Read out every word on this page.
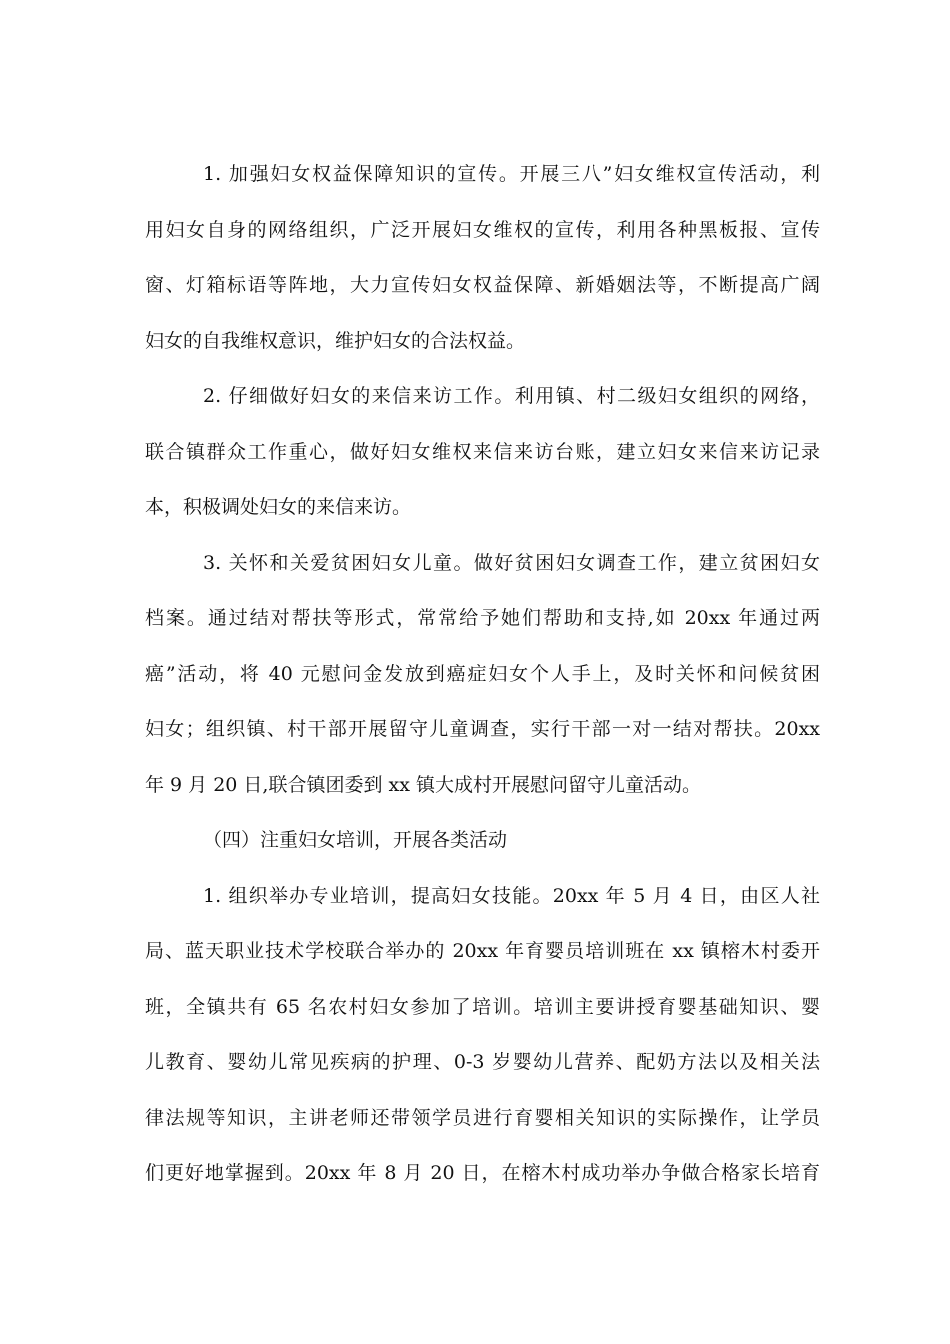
1. 加强妇女权益保障知识的宣传。开展三八”妇女维权宣传活动，利
用妇女自身的网络组织，广泛开展妇女维权的宣传，利用各种黑板报、宣传
窗、灯箱标语等阵地，大力宣传妇女权益保障、新婚姻法等，不断提高广阔
妇女的自我维权意识，维护妇女的合法权益。
2. 仔细做好妇女的来信来访工作。利用镇、村二级妇女组织的网络，
联合镇群众工作重心，做好妇女维权来信来访台账，建立妇女来信来访记录
本，积极调处妇女的来信来访。
3. 关怀和关爱贫困妇女儿童。做好贫困妇女调查工作，建立贫困妇女
档案。通过结对帮扶等形式，常常给予她们帮助和支持,如 20xx 年通过两
癌”活动，将 40 元慰问金发放到癌症妇女个人手上，及时关怀和问候贫困
妇女；组织镇、村干部开展留守儿童调查，实行干部一对一结对帮扶。20xx
年 9 月 20 日,联合镇团委到 xx 镇大成村开展慰问留守儿童活动。
（四）注重妇女培训，开展各类活动
1. 组织举办专业培训，提高妇女技能。20xx 年 5 月 4 日，由区人社
局、蓝天职业技术学校联合举办的 20xx 年育婴员培训班在 xx 镇榕木村委开
班，全镇共有 65 名农村妇女参加了培训。培训主要讲授育婴基础知识、婴
儿教育、婴幼儿常见疾病的护理、0-3 岁婴幼儿营养、配奶方法以及相关法
律法规等知识，主讲老师还带领学员进行育婴相关知识的实际操作，让学员
们更好地掌握到。20xx 年 8 月 20 日，在榕木村成功举办争做合格家长培育
